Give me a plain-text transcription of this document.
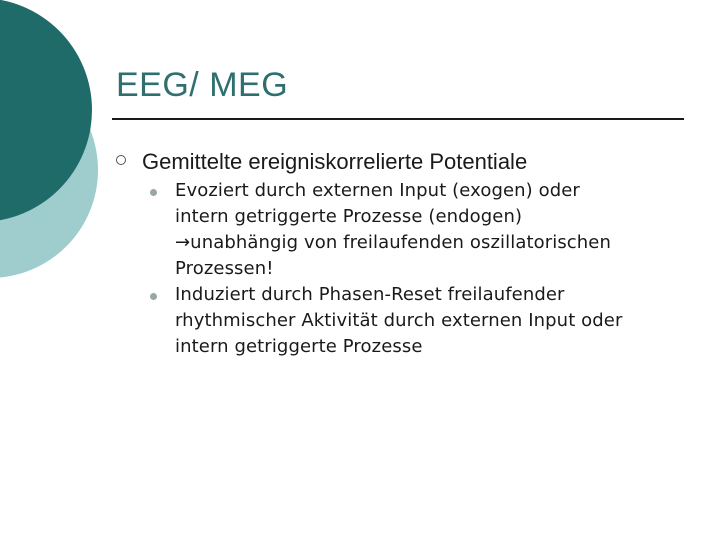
EEG/ MEG
Gemittelte ereigniskorrelierte Potentiale
Evoziert durch externen Input (exogen) oder
intern getriggerte Prozesse (endogen)
→unabhängig von freilaufenden oszillatorischen
Prozessen!
Induziert durch Phasen-Reset freilaufender
rhythmischer Aktivität durch externen Input oder
intern getriggerte Prozesse
